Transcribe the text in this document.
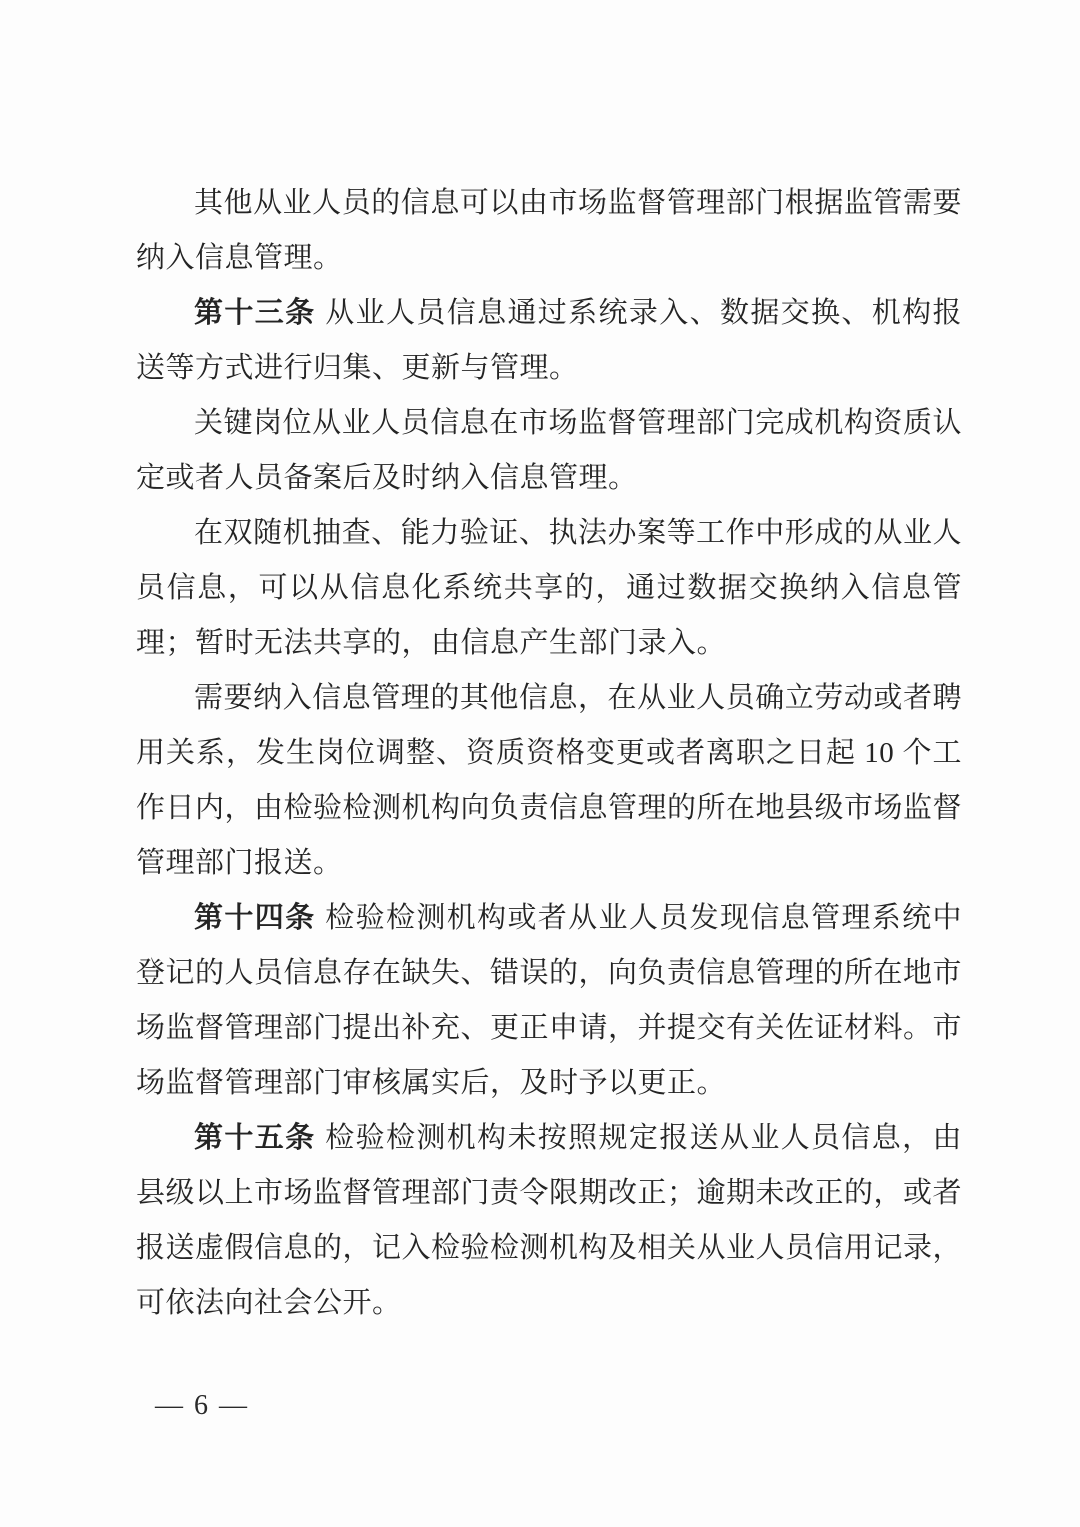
其他从业人员的信息可以由市场监督管理部门根据监管需要纳入信息管理。

第十三条 从业人员信息通过系统录入、数据交换、机构报送等方式进行归集、更新与管理。

关键岗位从业人员信息在市场监督管理部门完成机构资质认定或者人员备案后及时纳入信息管理。

在双随机抽查、能力验证、执法办案等工作中形成的从业人员信息，可以从信息化系统共享的，通过数据交换纳入信息管理；暂时无法共享的，由信息产生部门录入。

需要纳入信息管理的其他信息，在从业人员确立劳动或者聘用关系，发生岗位调整、资质资格变更或者离职之日起 10 个工作日内，由检验检测机构向负责信息管理的所在地县级市场监督管理部门报送。

第十四条 检验检测机构或者从业人员发现信息管理系统中登记的人员信息存在缺失、错误的，向负责信息管理的所在地市场监督管理部门提出补充、更正申请，并提交有关佐证材料。市场监督管理部门审核属实后，及时予以更正。

第十五条 检验检测机构未按照规定报送从业人员信息，由县级以上市场监督管理部门责令限期改正；逾期未改正的，或者报送虚假信息的，记入检验检测机构及相关从业人员信用记录，可依法向社会公开。

— 6 —
